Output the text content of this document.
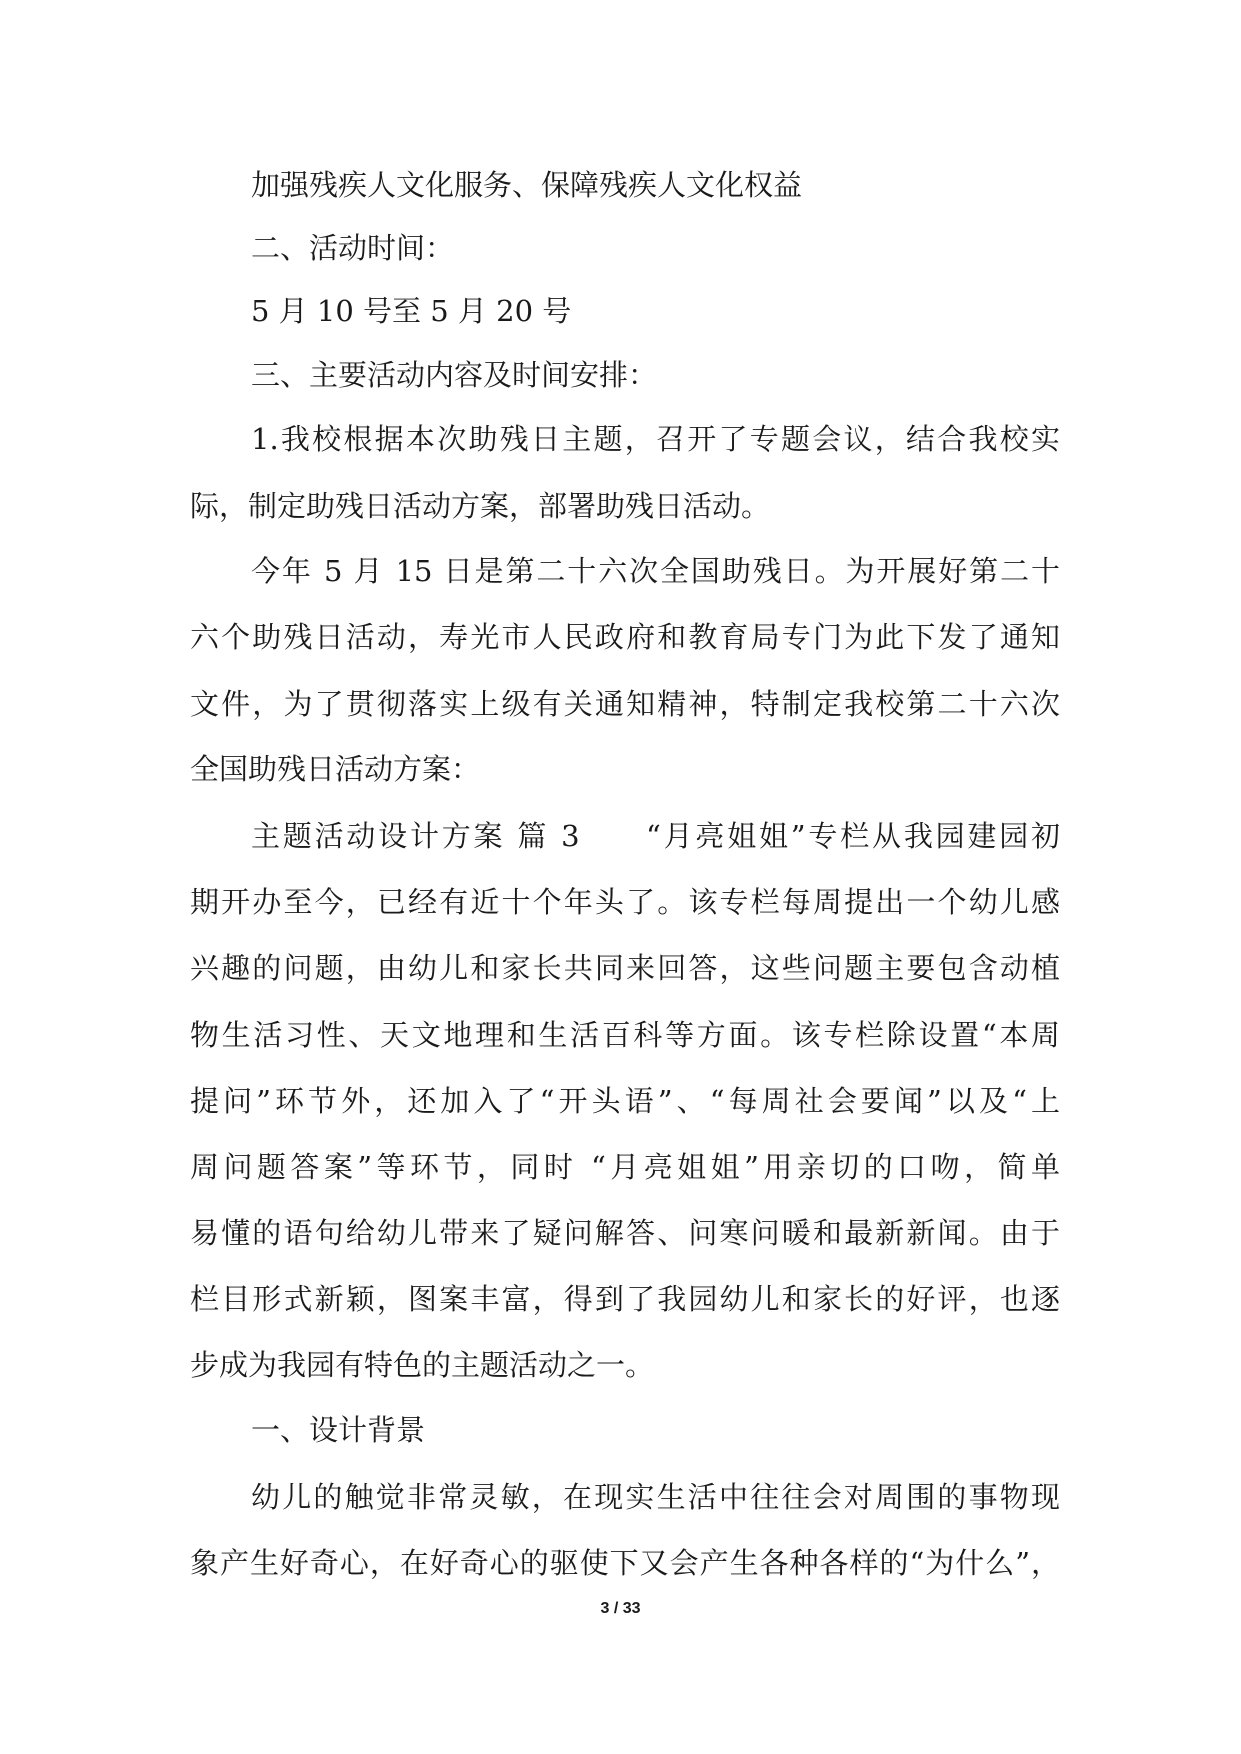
加强残疾人文化服务、保障残疾人文化权益
二、活动时间：
5 月 10 号至 5 月 20 号
三、主要活动内容及时间安排：
1.我校根据本次助残日主题，召开了专题会议，结合我校实
际，制定助残日活动方案，部署助残日活动。
今年 5 月 15 日是第二十六次全国助残日。为开展好第二十
六个助残日活动，寿光市人民政府和教育局专门为此下发了通知
文件，为了贯彻落实上级有关通知精神，特制定我校第二十六次
全国助残日活动方案：
主题活动设计方案 篇 3　　“月亮姐姐”专栏从我园建园初
期开办至今，已经有近十个年头了。该专栏每周提出一个幼儿感
兴趣的问题，由幼儿和家长共同来回答，这些问题主要包含动植
物生活习性、天文地理和生活百科等方面。该专栏除设置“本周
提问”环节外，还加入了“开头语”、“每周社会要闻”以及“上
周问题答案”等环节，同时 “月亮姐姐”用亲切的口吻，简单
易懂的语句给幼儿带来了疑问解答、问寒问暖和最新新闻。由于
栏目形式新颖，图案丰富，得到了我园幼儿和家长的好评，也逐
步成为我园有特色的主题活动之一。
一、设计背景
幼儿的触觉非常灵敏，在现实生活中往往会对周围的事物现
象产生好奇心，在好奇心的驱使下又会产生各种各样的“为什么”，
3 / 33
